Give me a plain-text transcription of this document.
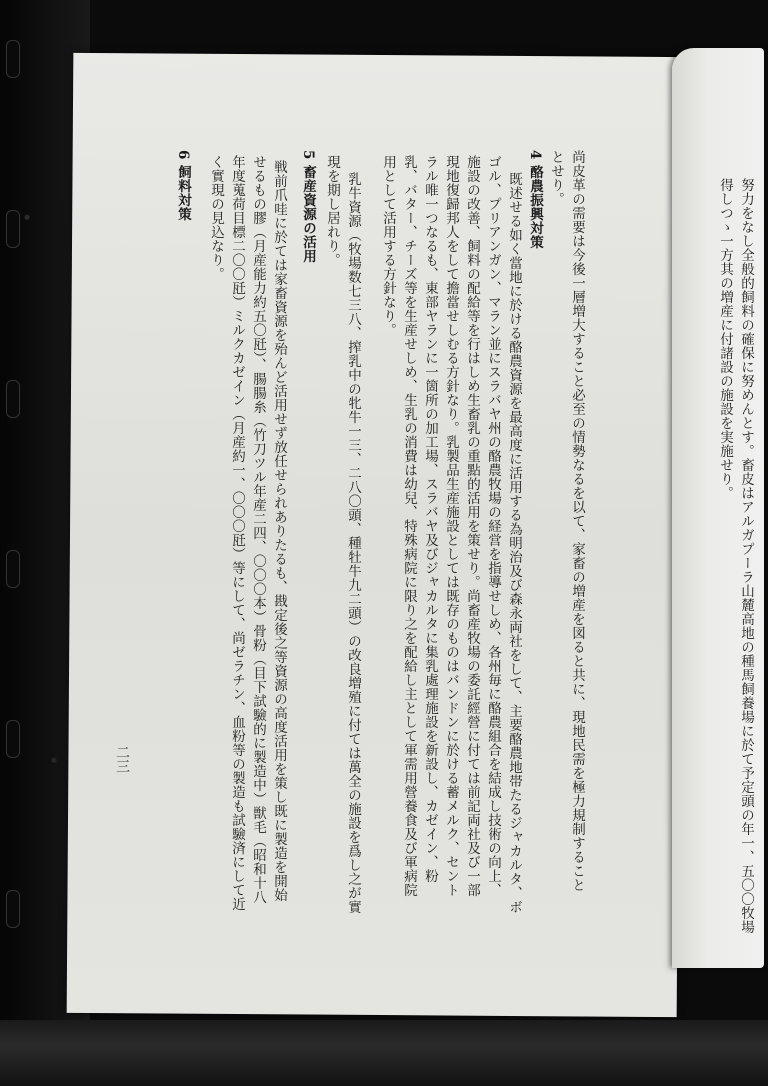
努力をなし全般的飼料の確保に努めんとす。畜皮はアルガプーラ山麓高地の種馬飼養場に於て予定頭の年一、五〇〇牧場
得しつゝ一方其の増産に付諸設の施設を実施せり。
尚皮革の需要は今後一層増大すること必至の情勢なるを以て、家畜の増産を図ると共に、現地民需を極力規制すること
とせり。
4 酪農振興対策
既述せる如く當地に於ける酪農資源を最高度に活用する為明治及び森永両社をして、主要酪農地帯たるジャカルタ、ボ
ゴル、プリアンガン、マラン並にスラバヤ州の酪農牧場の経営を指導せしめ、各州毎に酪農組合を結成し技術の向上、
施設の改善、飼料の配給等を行はしめ生畜乳の重點的活用を策せり。尚畜産牧場の委託經營に付ては前記両社及び一部
現地復歸邦人をして擔當せしむる方針なり。乳製品生産施設としては既存のものはバンドンに於ける蓄メルク、セント
ラル唯一つなるも、東部ヤランに一箇所の加工場、スラバヤ及びジャカルタに集乳處理施設を新設し、カゼイン、粉
乳、バター、チーズ等を生産せしめ、生乳の消費は幼兒、特殊病院に限り之を配給し主として軍需用營養食及び軍病院
用として活用する方針なり。
乳牛資源（牧場数七三八、搾乳中の牝牛一三、二八〇頭、種牡牛九二頭）の改良増殖に付ては萬全の施設を爲し之が實
現を期し居れり。
5 畜産資源の活用
戦前爪哇に於ては家畜資源を殆んど活用せず放任せられありたるも、戡定後之等資源の高度活用を策し既に製造を開始
せるもの膠（月産能力約五〇瓩）、腸腸糸（竹刀ツル年産二四、〇〇〇本）骨粉（目下試驗的に製造中）獣毛（昭和十八
年度蒐荷目標二〇〇瓩）ミルクカゼイン（月産約一、〇〇〇瓩）等にして、尚ゼラチン、血粉等の製造も試驗済にして近
く實現の見込なり。
6 飼料対策
二三
